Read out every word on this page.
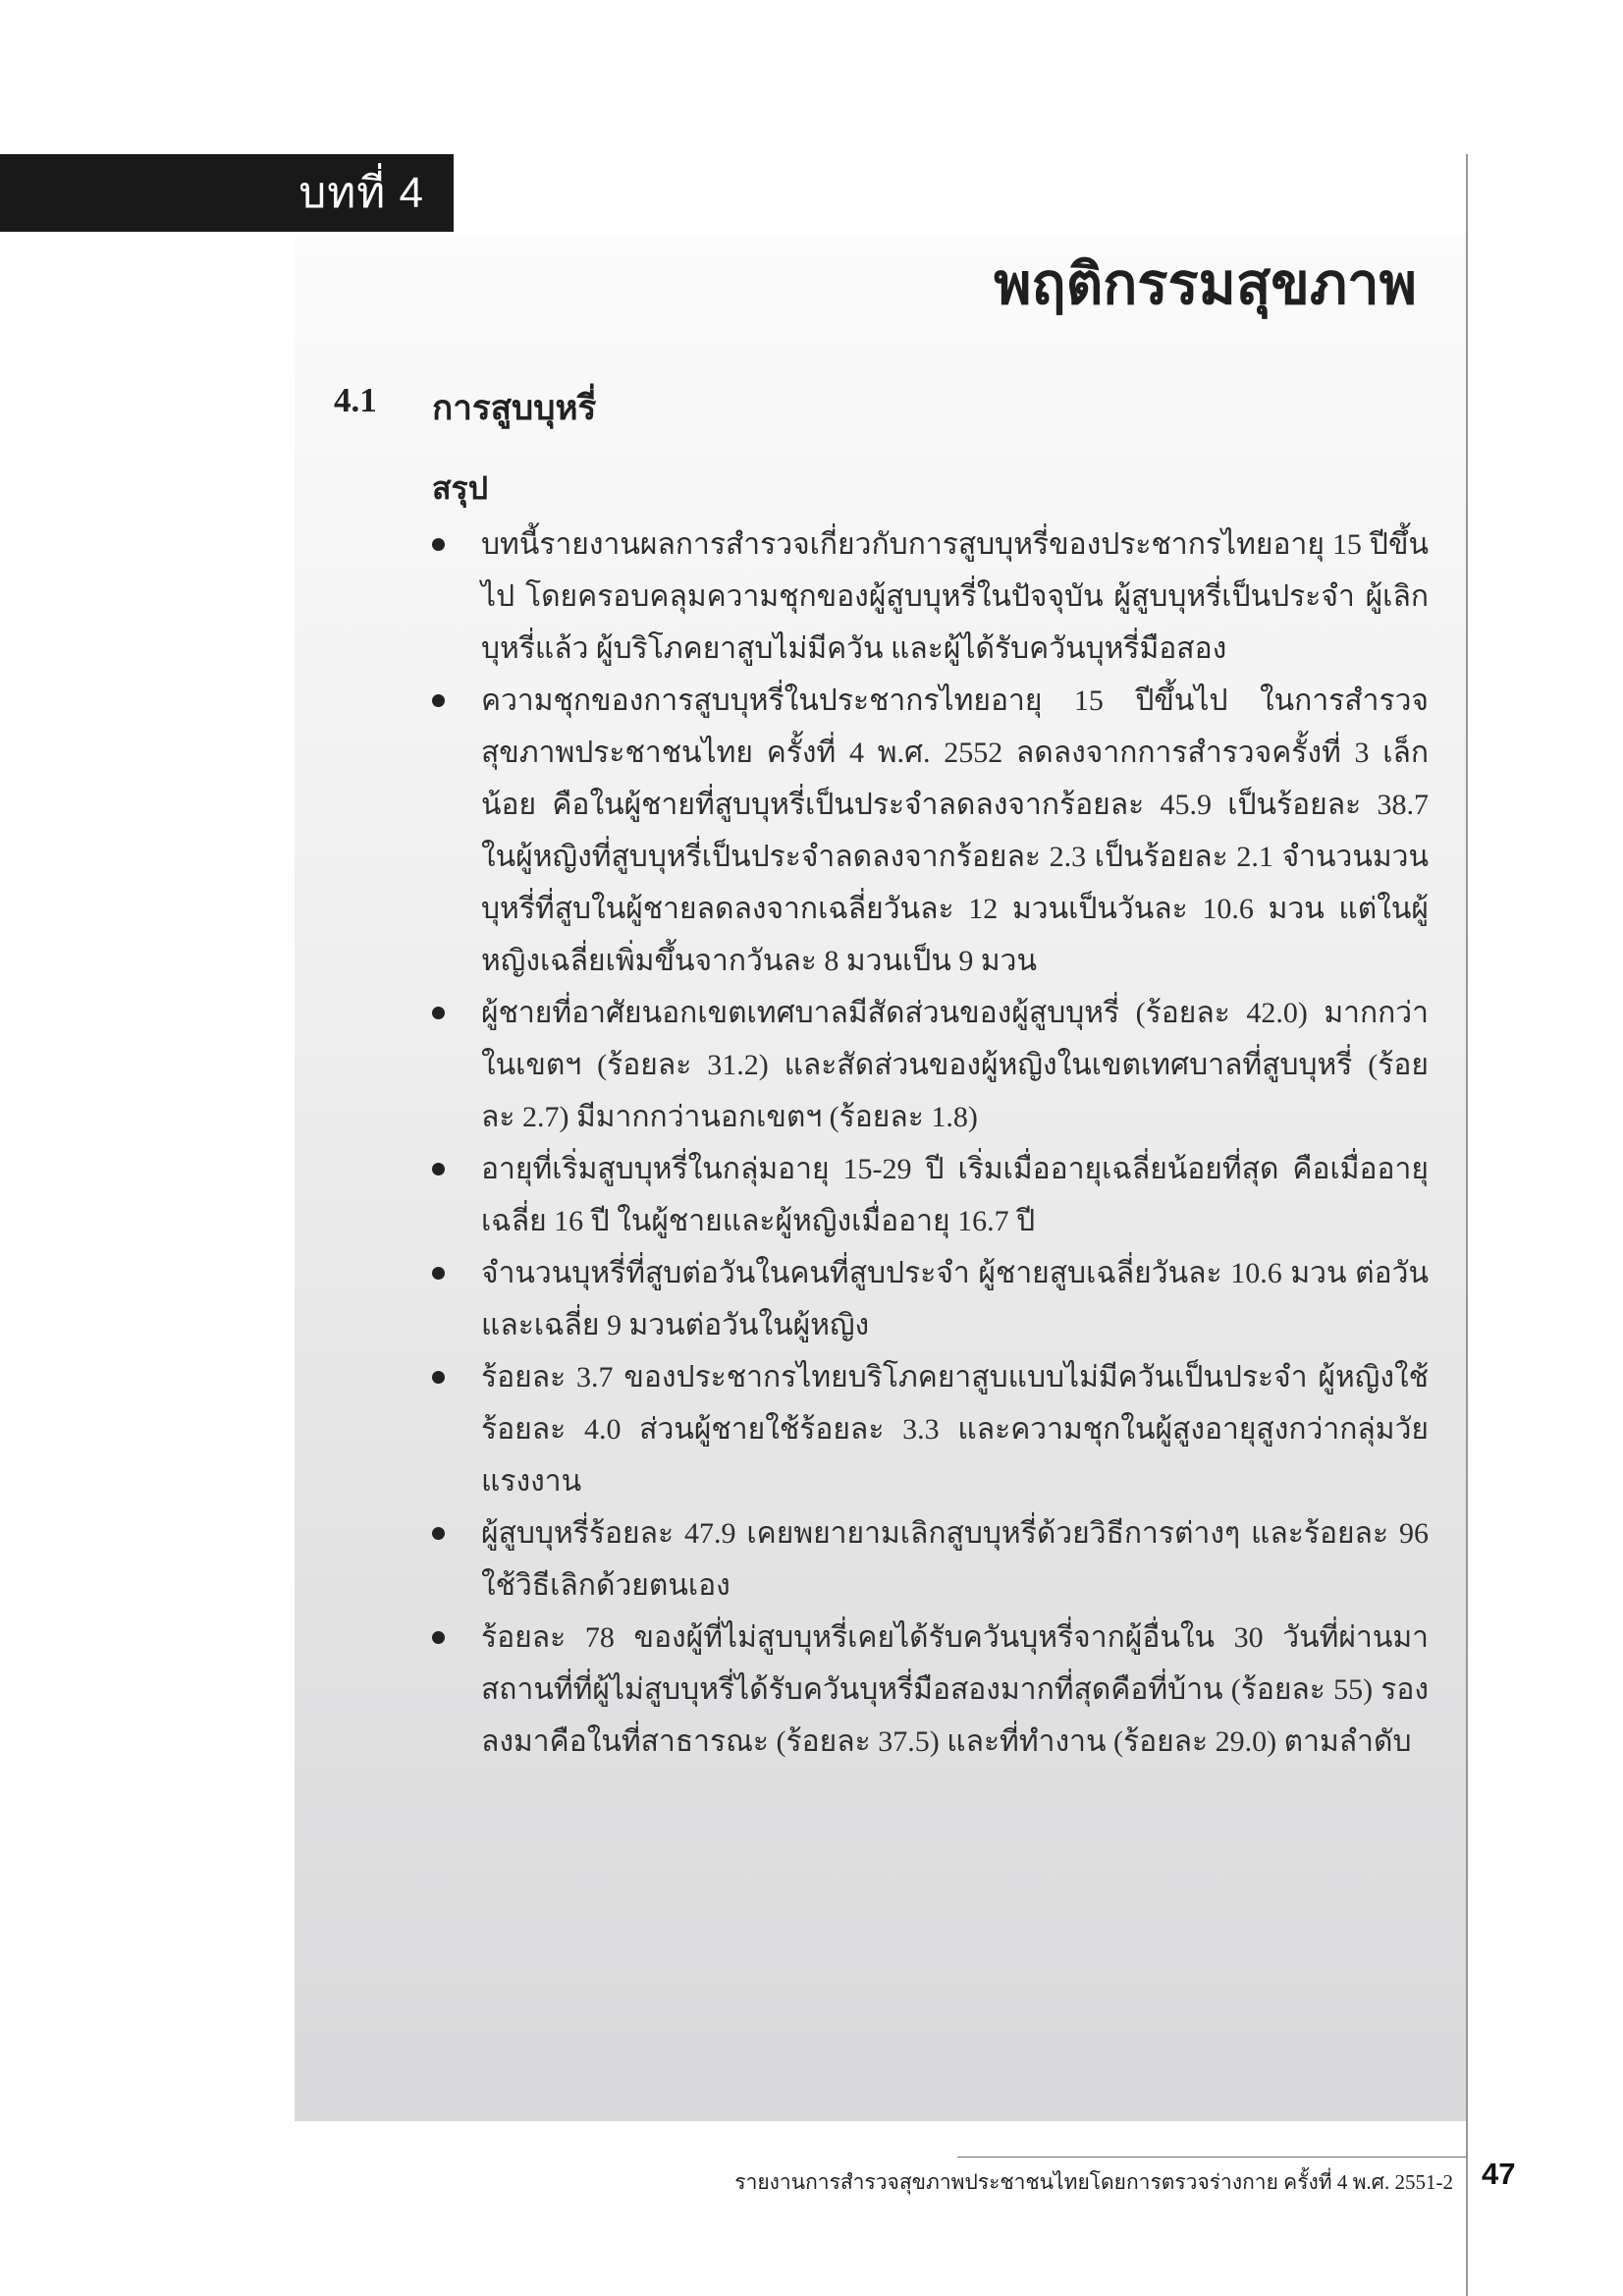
บทที่ 4
พฤติกรรมสุขภาพ
4.1 การสูบบุหรี่
สรุป
บทนี้รายงานผลการสำรวจเกี่ยวกับการสูบบุหรี่ของประชากรไทยอายุ 15 ปีขึ้นไป โดยครอบคลุมความชุกของผู้สูบบุหรี่ในปัจจุบัน ผู้สูบบุหรี่เป็นประจำ ผู้เลิกบุหรี่แล้ว ผู้บริโภคยาสูบไม่มีควัน และผู้ได้รับควันบุหรี่มือสอง
ความชุกของการสูบบุหรี่ในประชากรไทยอายุ 15 ปีขึ้นไป ในการสำรวจสุขภาพประชาชนไทย ครั้งที่ 4 พ.ศ. 2552 ลดลงจากการสำรวจครั้งที่ 3 เล็กน้อย คือในผู้ชายที่สูบบุหรี่เป็นประจำลดลงจากร้อยละ 45.9 เป็นร้อยละ 38.7 ในผู้หญิงที่สูบบุหรี่เป็นประจำลดลงจากร้อยละ 2.3 เป็นร้อยละ 2.1 จำนวนมวนบุหรี่ที่สูบในผู้ชายลดลงจากเฉลี่ยวันละ 12 มวนเป็นวันละ 10.6 มวน แต่ในผู้หญิงเฉลี่ยเพิ่มขึ้นจากวันละ 8 มวนเป็น 9 มวน
ผู้ชายที่อาศัยนอกเขตเทศบาลมีสัดส่วนของผู้สูบบุหรี่ (ร้อยละ 42.0) มากกว่าในเขตฯ (ร้อยละ 31.2) และสัดส่วนของผู้หญิงในเขตเทศบาลที่สูบบุหรี่ (ร้อยละ 2.7) มีมากกว่านอกเขตฯ (ร้อยละ 1.8)
อายุที่เริ่มสูบบุหรี่ในกลุ่มอายุ 15-29 ปี เริ่มเมื่ออายุเฉลี่ยน้อยที่สุด คือเมื่ออายุเฉลี่ย 16 ปี ในผู้ชายและผู้หญิงเมื่ออายุ 16.7 ปี
จำนวนบุหรี่ที่สูบต่อวันในคนที่สูบประจำ ผู้ชายสูบเฉลี่ยวันละ 10.6 มวน ต่อวัน และเฉลี่ย 9 มวนต่อวันในผู้หญิง
ร้อยละ 3.7 ของประชากรไทยบริโภคยาสูบแบบไม่มีควันเป็นประจำ ผู้หญิงใช้ร้อยละ 4.0 ส่วนผู้ชายใช้ร้อยละ 3.3 และความชุกในผู้สูงอายุสูงกว่ากลุ่มวัยแรงงาน
ผู้สูบบุหรี่ร้อยละ 47.9 เคยพยายามเลิกสูบบุหรี่ด้วยวิธีการต่างๆ และร้อยละ 96 ใช้วิธีเลิกด้วยตนเอง
ร้อยละ 78 ของผู้ที่ไม่สูบบุหรี่เคยได้รับควันบุหรี่จากผู้อื่นใน 30 วันที่ผ่านมา สถานที่ที่ผู้ไม่สูบบุหรี่ได้รับควันบุหรี่มือสองมากที่สุดคือที่บ้าน (ร้อยละ 55) รองลงมาคือในที่สาธารณะ (ร้อยละ 37.5) และที่ทำงาน (ร้อยละ 29.0) ตามลำดับ
รายงานการสำรวจสุขภาพประชาชนไทยโดยการตรวจร่างกาย ครั้งที่ 4 พ.ศ. 2551-2 47
